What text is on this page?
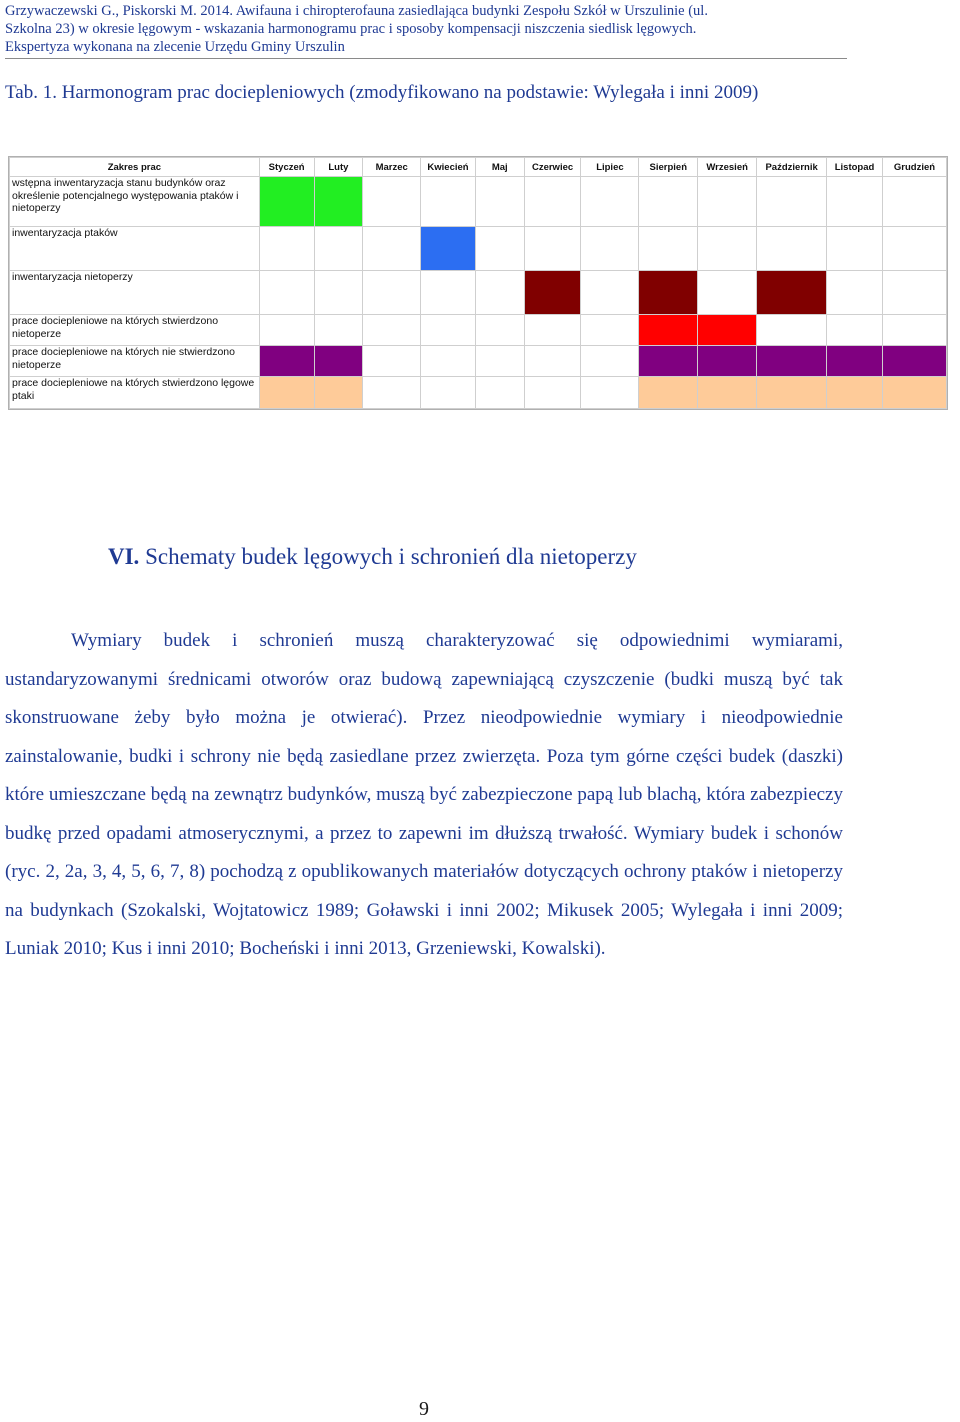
Grzywaczewski G., Piskorski M. 2014. Awifauna i chiropterofauna zasiedlająca budynki Zespołu Szkół w Urszulinie (ul.
Szkolna 23) w okresie lęgowym - wskazania harmonogramu prac i sposoby kompensacji niszczenia siedlisk lęgowych.
Ekspertyza wykonana na zlecenie Urzędu Gminy Urszulin
Tab. 1. Harmonogram prac dociepleniowych (zmodyfikowano na podstawie: Wylegała i inni 2009)
Zakres prac	Styczeń	Luty	Marzec	Kwiecień	Maj	Czerwiec	Lipiec	Sierpień	Wrzesień	Październik	Listopad	Grudzień
wstępna inwentaryzacja stanu budynków oraz określenie potencjalnego występowania ptaków i nietoperzy												
inwentaryzacja ptaków												
inwentaryzacja nietoperzy												
prace dociepleniowe na których stwierdzono nietoperze												
prace dociepleniowe na których nie stwierdzono nietoperze												
prace dociepleniowe na których stwierdzono lęgowe ptaki												
VI. Schematy budek lęgowych i schronień dla nietoperzy

Wymiary budek i schronień muszą charakteryzować się odpowiednimi wymiarami, ustandaryzowanymi średnicami otworów oraz budową zapewniającą czyszczenie (budki muszą być tak skonstruowane żeby było można je otwierać). Przez nieodpowiednie wymiary i nieodpowiednie zainstalowanie, budki i schrony nie będą zasiedlane przez zwierzęta. Poza tym górne części budek (daszki) które umieszczane będą na zewnątrz budynków, muszą być zabezpieczone papą lub blachą, która zabezpieczy budkę przed opadami atmoserycznymi, a przez to zapewni im dłuższą trwałość. Wymiary budek i schonów (ryc. 2, 2a, 3, 4, 5, 6, 7, 8) pochodzą z opublikowanych materiałów dotyczących ochrony ptaków i nietoperzy na budynkach (Szokalski, Wojtatowicz 1989; Goławski i inni 2002; Mikusek 2005; Wylegała i inni 2009; Luniak 2010; Kus i inni 2010; Bocheński i inni 2013, Grzeniewski, Kowalski).

9
